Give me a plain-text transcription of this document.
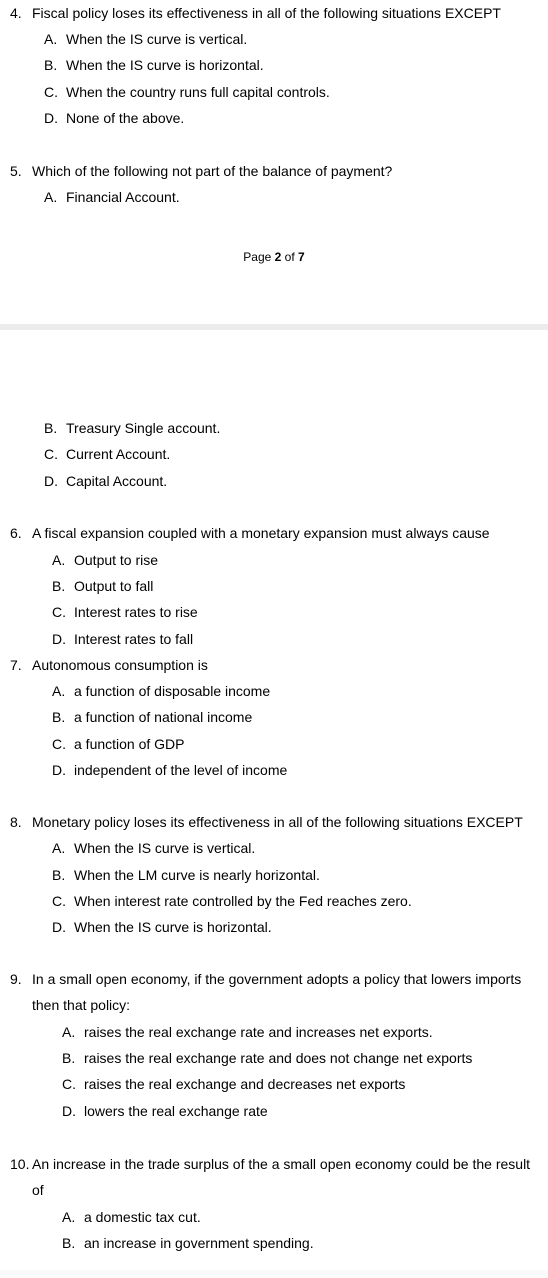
4. Fiscal policy loses its effectiveness in all of the following situations EXCEPT
A. When the IS curve is vertical.
B. When the IS curve is horizontal.
C. When the country runs full capital controls.
D. None of the above.
5. Which of the following not part of the balance of payment?
A. Financial Account.
Page 2 of 7
B. Treasury Single account.
C. Current Account.
D. Capital Account.
6. A fiscal expansion coupled with a monetary expansion must always cause
A. Output to rise
B. Output to fall
C. Interest rates to rise
D. Interest rates to fall
7. Autonomous consumption is
A. a function of disposable income
B. a function of national income
C. a function of GDP
D. independent of the level of income
8. Monetary policy loses its effectiveness in all of the following situations EXCEPT
A. When the IS curve is vertical.
B. When the LM curve is nearly horizontal.
C. When interest rate controlled by the Fed reaches zero.
D. When the IS curve is horizontal.
9. In a small open economy, if the government adopts a policy that lowers imports
then that policy:
A. raises the real exchange rate and increases net exports.
B. raises the real exchange rate and does not change net exports
C. raises the real exchange and decreases net exports
D. lowers the real exchange rate
10. An increase in the trade surplus of the a small open economy could be the result
of
A. a domestic tax cut.
B. an increase in government spending.
